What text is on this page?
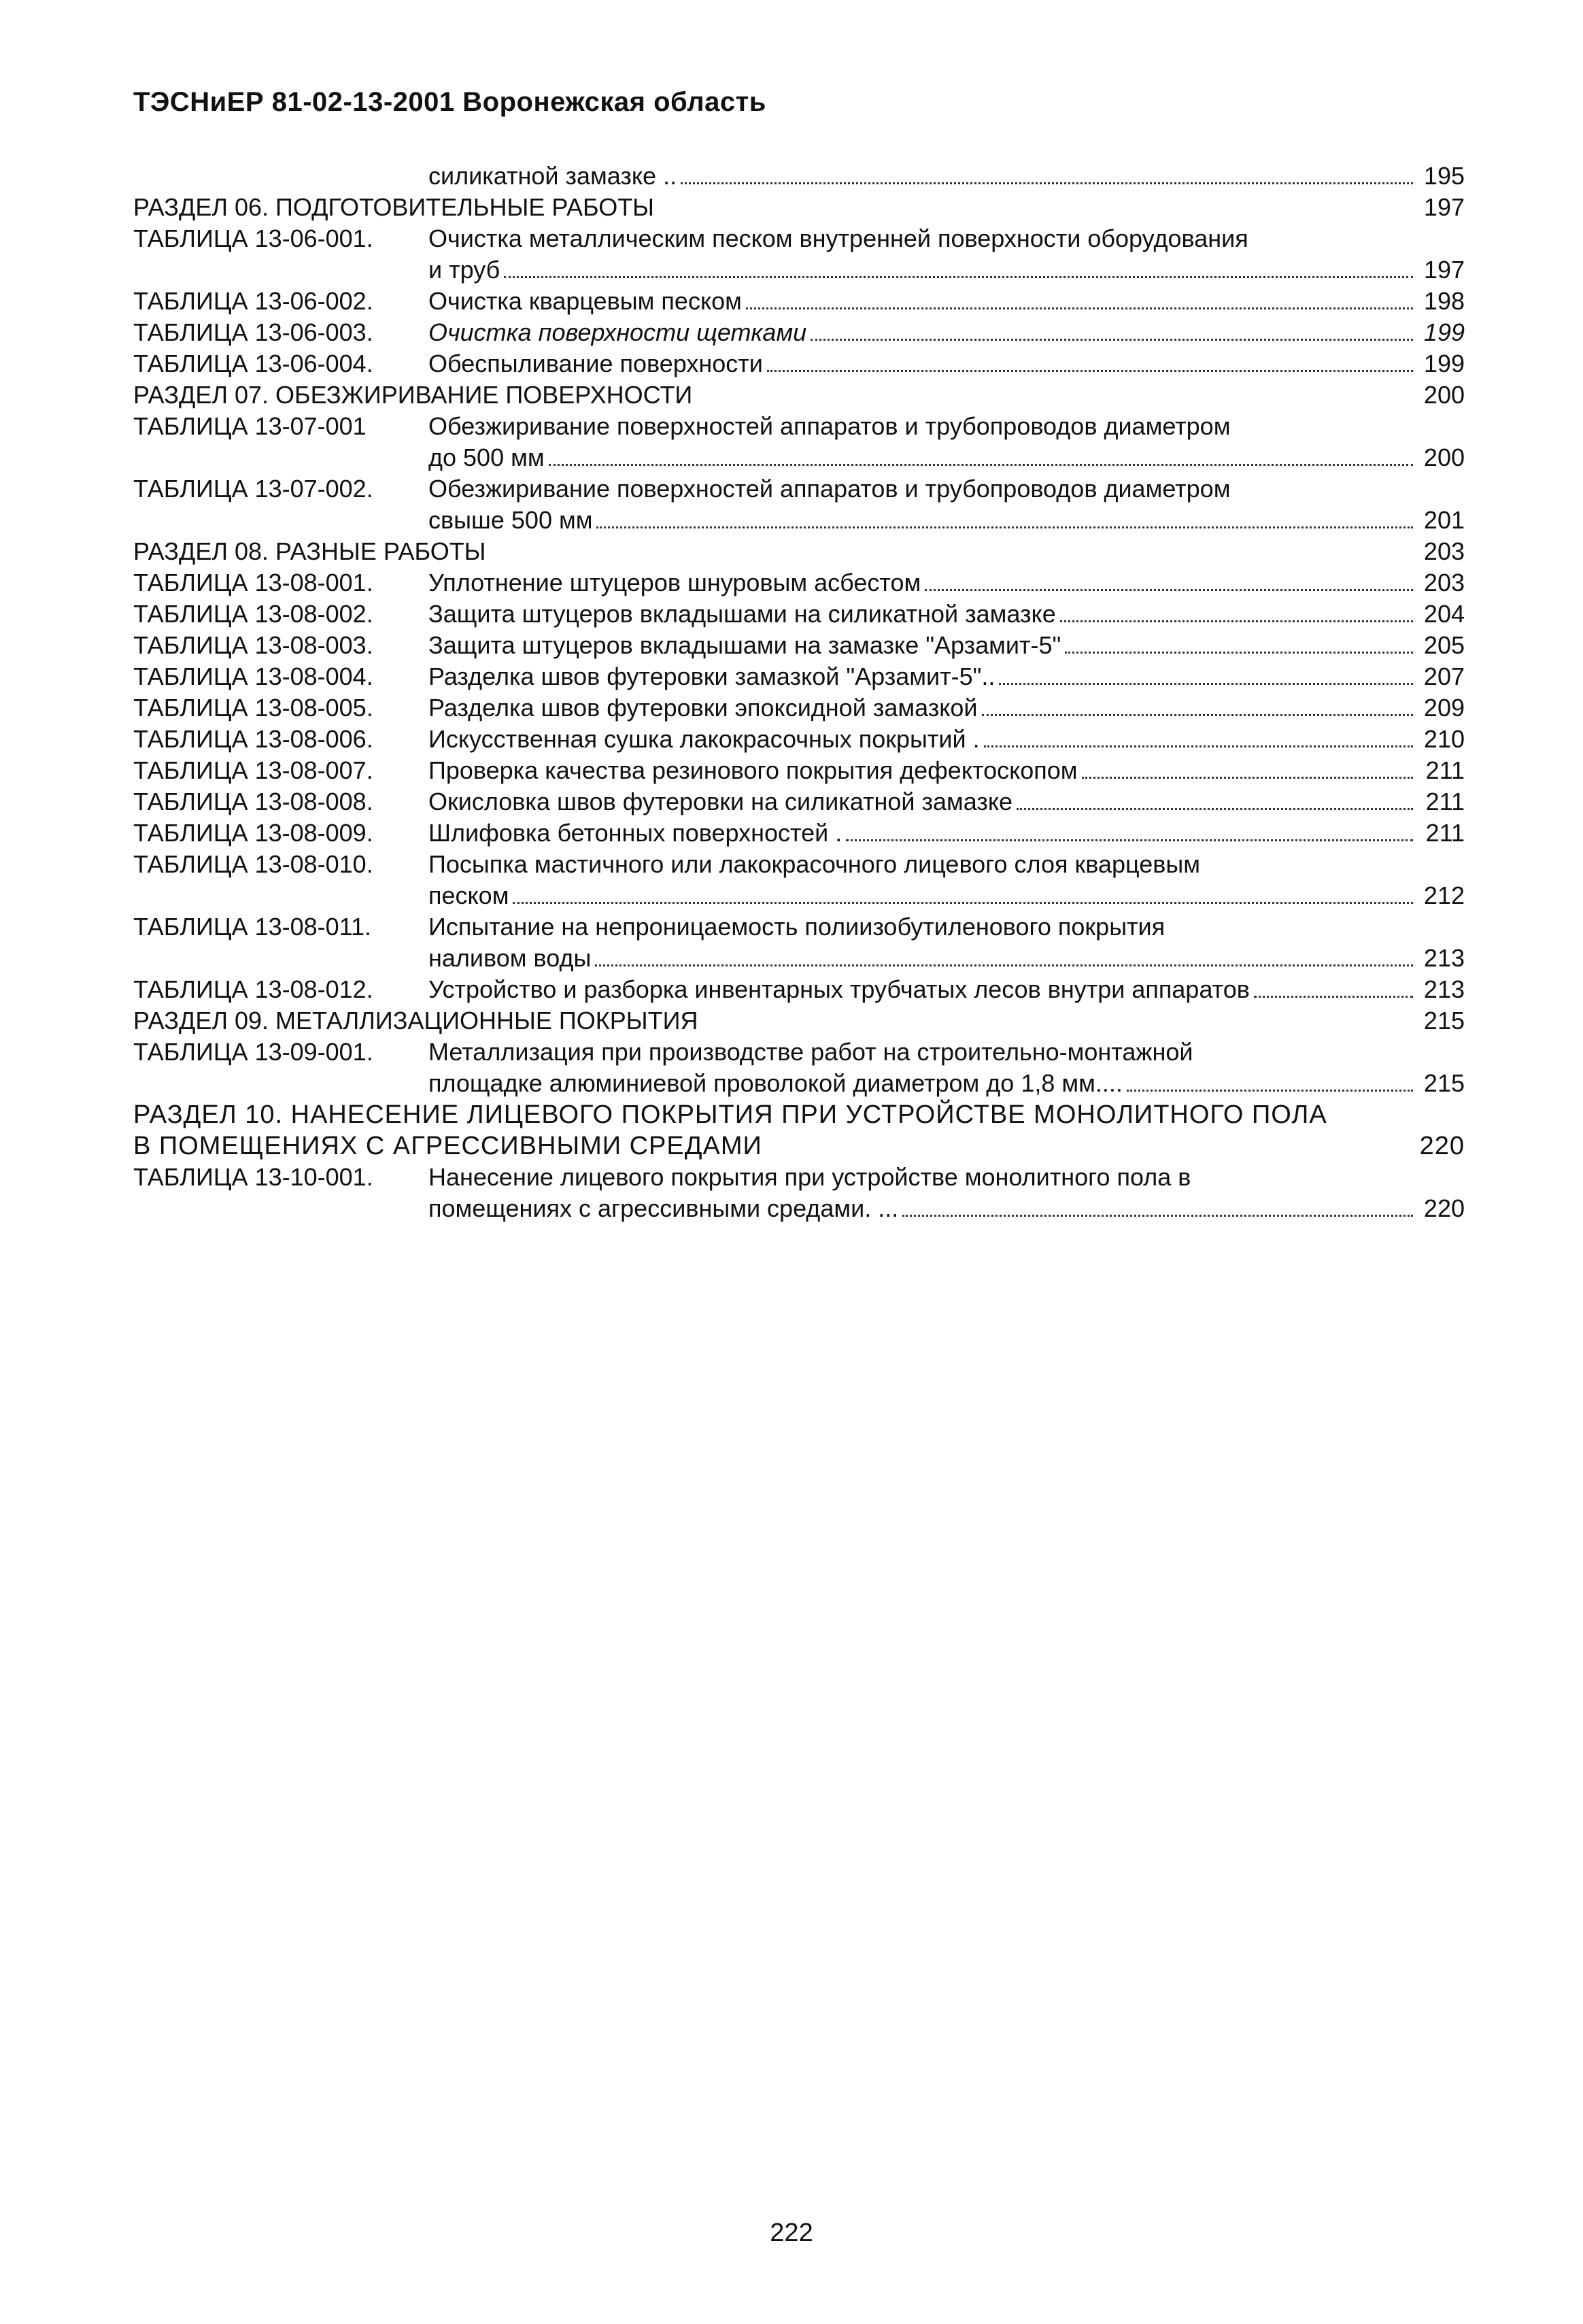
ТЭСНиЕР 81-02-13-2001 Воронежская область
силикатной замазке ..	195
РАЗДЕЛ 06. ПОДГОТОВИТЕЛЬНЫЕ РАБОТЫ	197
ТАБЛИЦА 13-06-001.	Очистка металлическим песком внутренней поверхности оборудования
и труб	197
ТАБЛИЦА 13-06-002.	Очистка кварцевым песком	198
ТАБЛИЦА 13-06-003.	Очистка поверхности щетками	199
ТАБЛИЦА 13-06-004.	Обеспыливание поверхности	199
РАЗДЕЛ 07. ОБЕЗЖИРИВАНИЕ ПОВЕРХНОСТИ	200
ТАБЛИЦА 13-07-001	Обезжиривание поверхностей аппаратов и трубопроводов диаметром
до 500 мм	200
ТАБЛИЦА 13-07-002.	Обезжиривание поверхностей аппаратов и трубопроводов диаметром
свыше 500 мм	201
РАЗДЕЛ 08. РАЗНЫЕ РАБОТЫ	203
ТАБЛИЦА 13-08-001.	Уплотнение штуцеров шнуровым асбестом	203
ТАБЛИЦА 13-08-002.	Защита штуцеров вкладышами на силикатной замазке	204
ТАБЛИЦА 13-08-003.	Защита штуцеров вкладышами на замазке "Арзамит-5"	205
ТАБЛИЦА 13-08-004.	Разделка швов футеровки замазкой "Арзамит-5"..	207
ТАБЛИЦА 13-08-005.	Разделка швов футеровки эпоксидной замазкой	209
ТАБЛИЦА 13-08-006.	Искусственная сушка лакокрасочных покрытий .	210
ТАБЛИЦА 13-08-007.	Проверка качества резинового покрытия дефектоскопом	211
ТАБЛИЦА 13-08-008.	Окисловка швов футеровки на силикатной замазке	211
ТАБЛИЦА 13-08-009.	Шлифовка бетонных поверхностей .	211
ТАБЛИЦА 13-08-010.	Посыпка мастичного или лакокрасочного лицевого слоя кварцевым
песком	212
ТАБЛИЦА 13-08-011.	Испытание на непроницаемость полиизобутиленового покрытия
наливом воды	213
ТАБЛИЦА 13-08-012.	Устройство и разборка инвентарных трубчатых лесов внутри аппаратов	213
РАЗДЕЛ 09. МЕТАЛЛИЗАЦИОННЫЕ ПОКРЫТИЯ	215
ТАБЛИЦА 13-09-001.	Металлизация при производстве работ на строительно-монтажной
площадке алюминиевой проволокой диаметром до 1,8 мм....	215
РАЗДЕЛ 10. НАНЕСЕНИЕ ЛИЦЕВОГО ПОКРЫТИЯ ПРИ УСТРОЙСТВЕ МОНОЛИТНОГО ПОЛА
В ПОМЕЩЕНИЯХ С АГРЕССИВНЫМИ СРЕДАМИ	220
ТАБЛИЦА 13-10-001.	Нанесение лицевого покрытия при устройстве монолитного пола в
помещениях с агрессивными средами. ...	220
222
